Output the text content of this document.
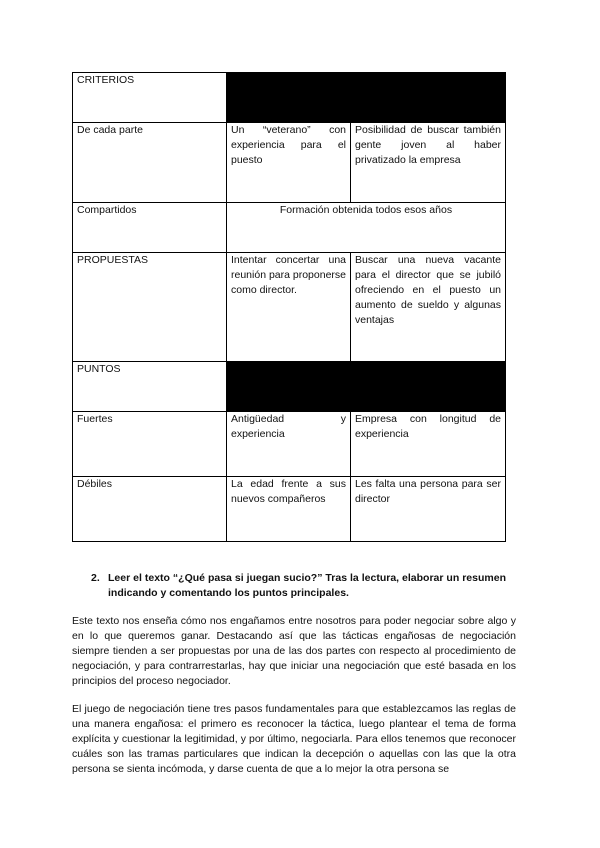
CRITERIOS		
De cada parte	Un “veterano” con experiencia para el puesto	Posibilidad de buscar también gente joven al haber privatizado la empresa
Compartidos	Formación obtenida todos esos años	
PROPUESTAS	Intentar concertar una reunión para proponerse como director.	Buscar una nueva vacante para el director que se jubiló ofreciendo en el puesto un aumento de sueldo y algunas ventajas
PUNTOS		
Fuertes	Antigüedad y experiencia	Empresa con longitud de experiencia
Débiles	La edad frente a sus nuevos compañeros	Les falta una persona para ser director
2. Leer el texto “¿Qué pasa si juegan sucio?” Tras la lectura, elaborar un resumen indicando y comentando los puntos principales.

Este texto nos enseña cómo nos engañamos entre nosotros para poder negociar sobre algo y en lo que queremos ganar. Destacando así que las tácticas engañosas de negociación siempre tienden a ser propuestas por una de las dos partes con respecto al procedimiento de negociación, y para contrarrestarlas, hay que iniciar una negociación que esté basada en los principios del proceso negociador.

El juego de negociación tiene tres pasos fundamentales para que establezcamos las reglas de una manera engañosa: el primero es reconocer la táctica, luego plantear el tema de forma explícita y cuestionar la legitimidad, y por último, negociarla. Para ellos tenemos que reconocer cuáles son las tramas particulares que indican la decepción o aquellas con las que la otra persona se sienta incómoda, y darse cuenta de que a lo mejor la otra persona se
